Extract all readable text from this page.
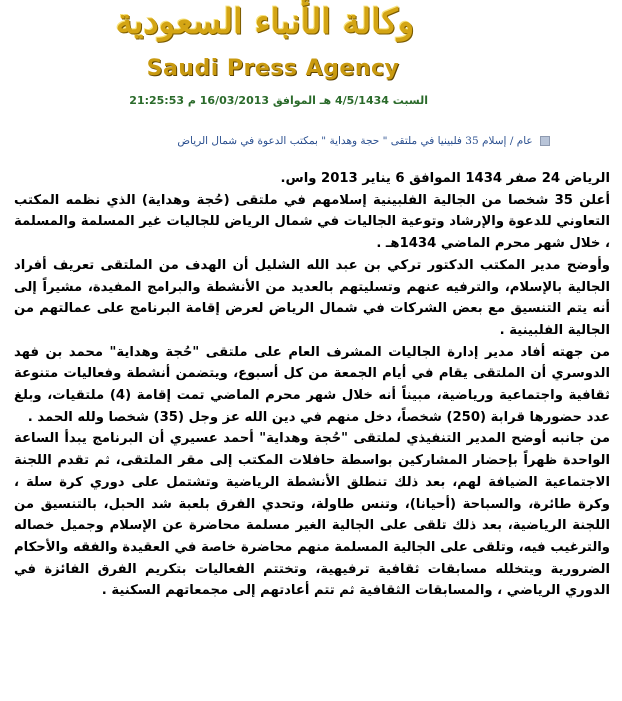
وكالة الأنباء السعودية
Saudi Press Agency
السبت 4/5/1434 هـ الموافق 16/03/2013 م 21:25:53
عام / إسلام 35 فلبينيا في ملتقى " حجة وهداية " بمكتب الدعوة في شمال الرياض

الرياض 24 صفر 1434 الموافق 6 يناير 2013 واس.

أعلن 35 شخصا من الجالية الفلبينية إسلامهم في ملتقى (حُجة وهداية) الذي نظمه المكتب التعاوني للدعوة والإرشاد وتوعية الجاليات في شمال الرياض للجاليات غير المسلمة والمسلمة ، خلال شهر محرم الماضي 1434هـ .

وأوضح مدير المكتب الدكتور تركي بن عبد الله الشليل أن الهدف من الملتقى تعريف أفراد الجالية بالإسلام، والترفيه عنهم وتسليتهم بالعديد من الأنشطة والبرامج المفيدة، مشيراً إلى أنه يتم التنسيق مع بعض الشركات في شمال الرياض لعرض إقامة البرنامج على عمالتهم من الجالية الفلبينية .

من جهته أفاد مدير إدارة الجاليات المشرف العام على ملتقى "حُجة وهداية" محمد بن فهد الدوسري أن الملتقى يقام في أيام الجمعة من كل أسبوع، ويتضمن أنشطة وفعاليات متنوعة ثقافية واجتماعية ورياضية، مبيناً أنه خلال شهر محرم الماضي تمت إقامة (4) ملتقيات، وبلغ عدد حضورها قرابة (250) شخصاً، دخل منهم في دين الله عز وجل (35) شخصا ولله الحمد .

من جانبه أوضح المدير التنفيذي لملتقى "حُجة وهداية" أحمد عسيري أن البرنامج يبدأ الساعة الواحدة ظهراً بإحضار المشاركين بواسطة حافلات المكتب إلى مقر الملتقى، ثم تقدم اللجنة الاجتماعية الضيافة لهم، بعد ذلك تنطلق الأنشطة الرياضية وتشتمل على دوري كرة سلة ، وكرة طائرة، والسباحة (أحيانا)، وتنس طاولة، وتحدي الفرق بلعبة شد الحبل، بالتنسيق من اللجنة الرياضية، بعد ذلك تلقى على الجالية الغير مسلمة محاضرة عن الإسلام وجميل خصاله والترغيب فيه، وتلقى على الجالية المسلمة منهم محاضرة خاصة في العقيدة والفقه والأحكام الضرورية ويتخلله مسابقات ثقافية ترفيهية، وتختتم الفعاليات بتكريم الفرق الفائزة في الدوري الرياضي ، والمسابقات الثقافية ثم تتم أعادتهم إلى مجمعاتهم السكنية .
